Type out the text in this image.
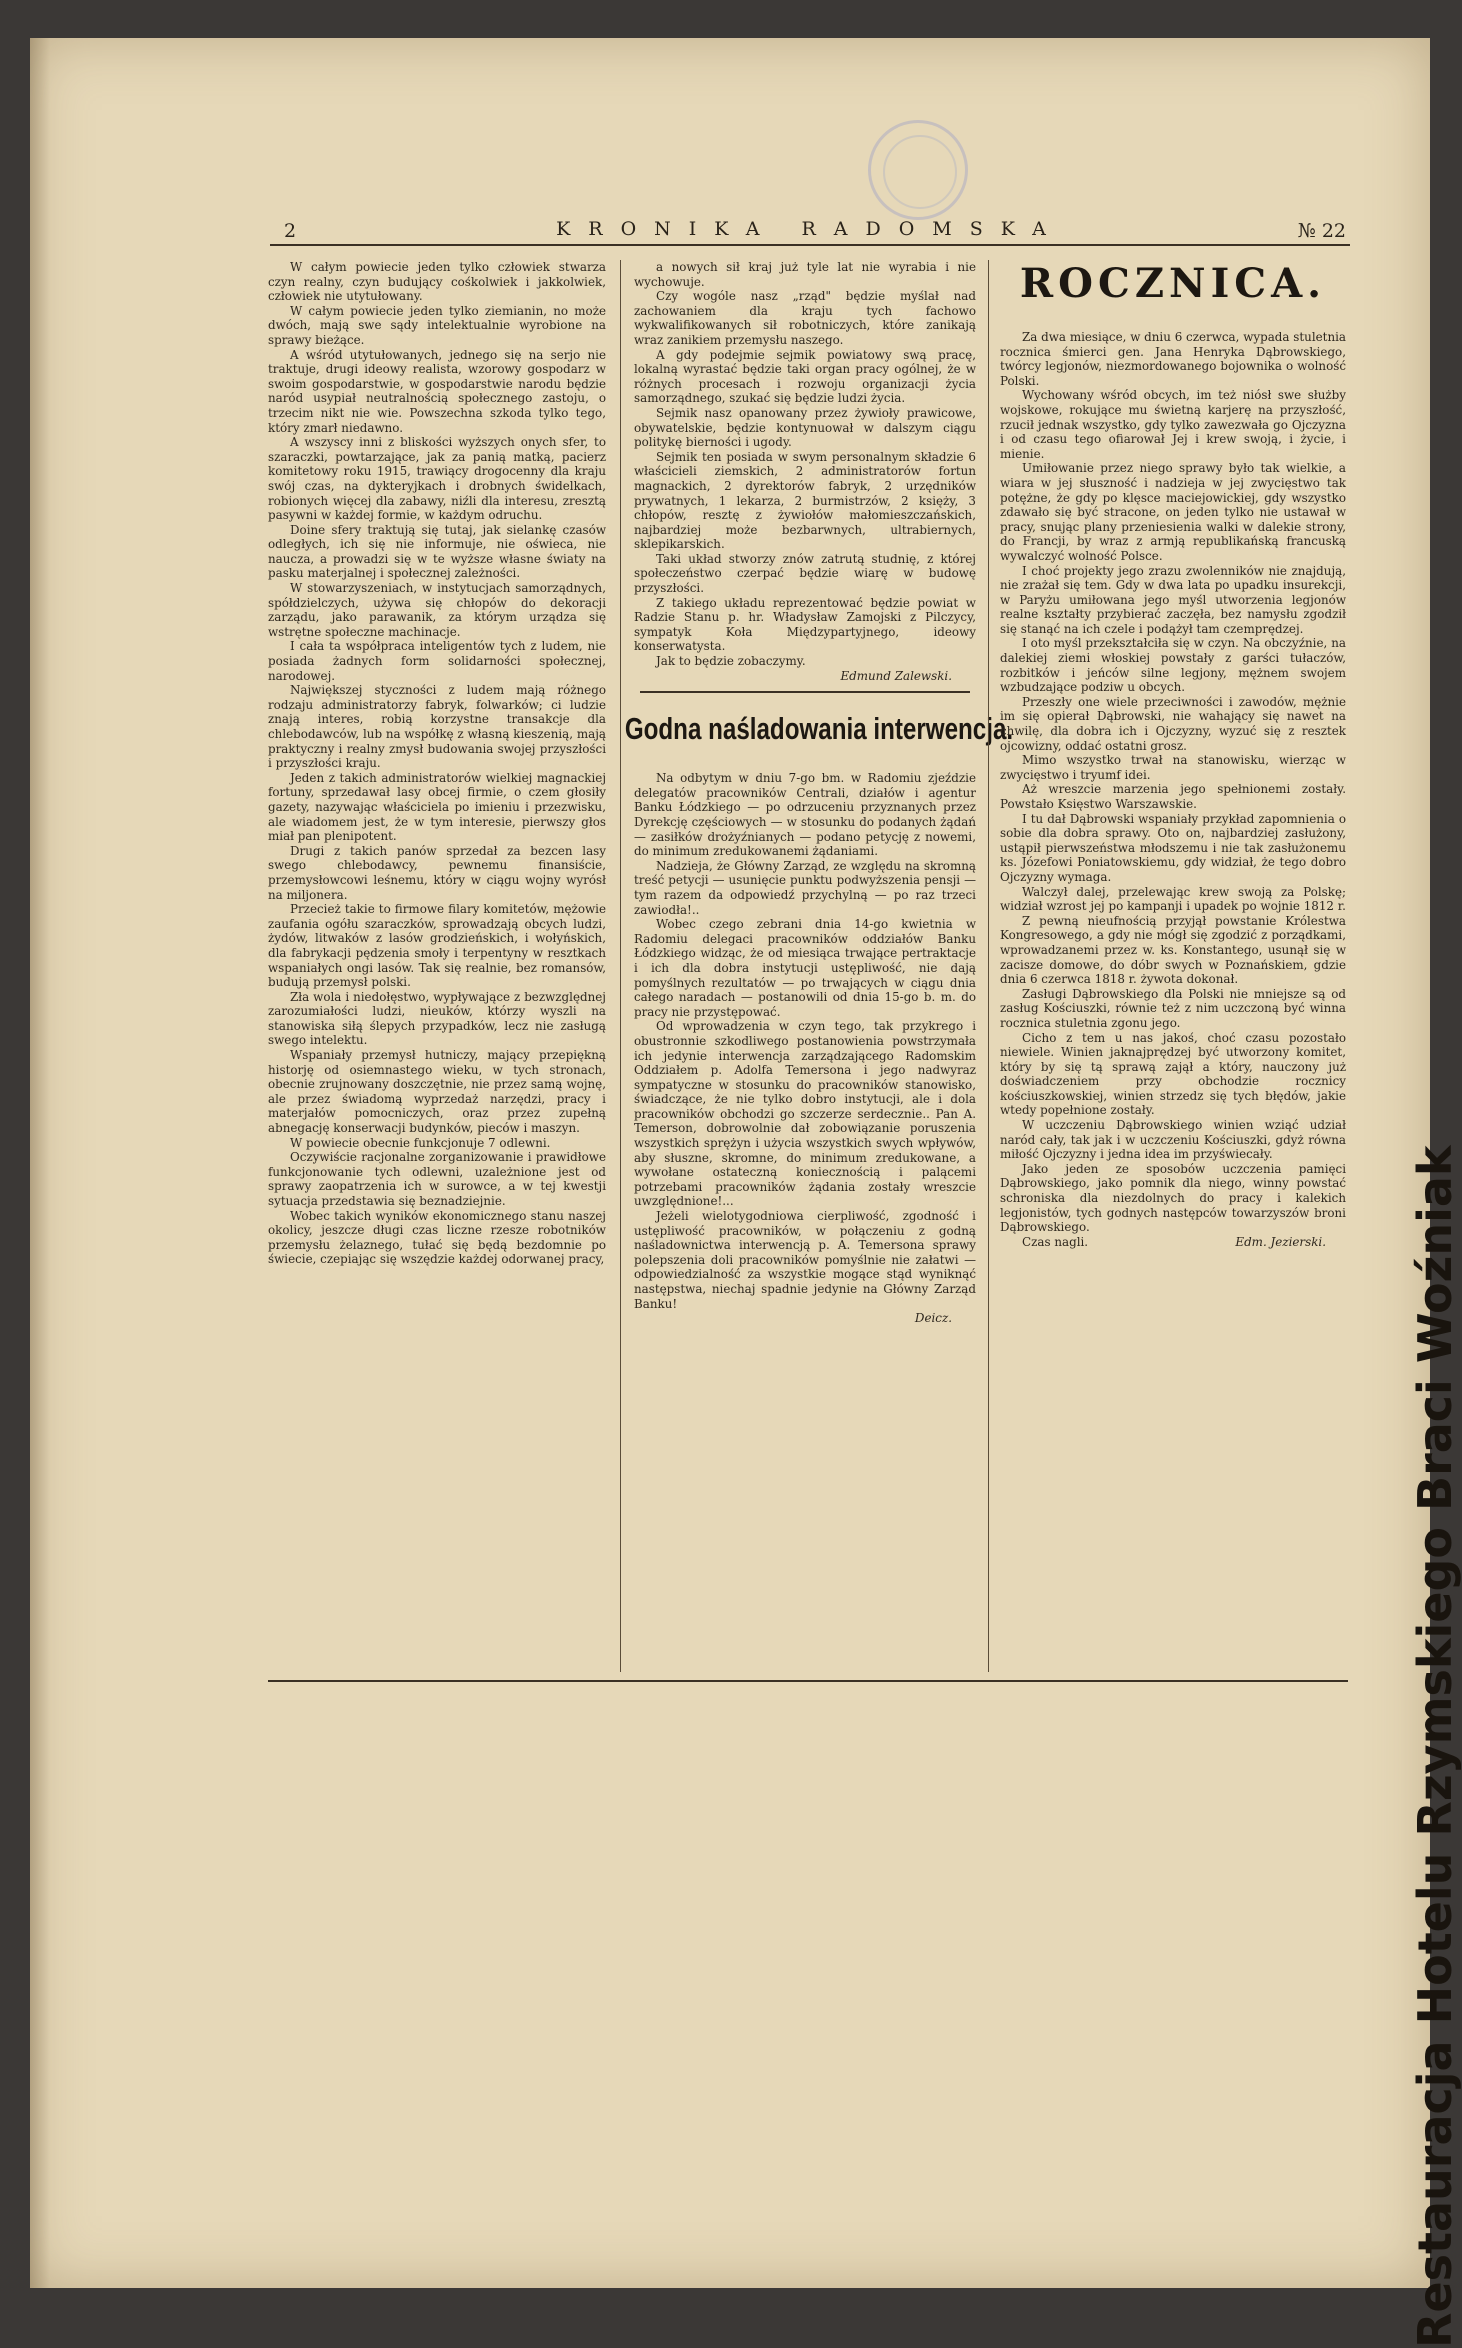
2	KRONIKA RADOMSKA	№ 22

W całym powiecie jeden tylko człowiek stwarza czyn realny, czyn budujący cośkolwiek i jakkolwiek, człowiek nie utytułowany.

W całym powiecie jeden tylko ziemianin, no może dwóch, mają swe sądy intelektualnie wyrobione na sprawy bieżące.

A wśród utytułowanych, jednego się na serjo nie traktuje, drugi ideowy realista, wzorowy gospodarz w swoim gospodarstwie, w gospodarstwie narodu będzie naród usypiał neutralnością społecznego zastoju, o trzecim nikt nie wie. Powszechna szkoda tylko tego, który zmarł niedawno.

A wszyscy inni z bliskości wyższych onych sfer, to szaraczki, powtarzające, jak za panią matką, pacierz komitetowy roku 1915, trawiący drogocenny dla kraju swój czas, na dykteryjkach i drobnych świdelkach, robionych więcej dla zabawy, niźli dla interesu, zresztą pasywni w każdej formie, w każdym odruchu.

Doine sfery traktują się tutaj, jak sielankę czasów odległych, ich się nie informuje, nie oświeca, nie naucza, a prowadzi się w te wyższe własne światy na pasku materjalnej i społecznej zależności.

W stowarzyszeniach, w instytucjach samorządnych, spółdzielczych, używa się chłopów do dekoracji zarządu, jako parawanik, za którym urządza się wstrętne społeczne machinacje.

I cała ta współpraca inteligentów tych z ludem, nie posiada żadnych form solidarności społecznej, narodowej.

Największej styczności z ludem mają różnego rodzaju administratorzy fabryk, folwarków; ci ludzie znają interes, robią korzystne transakcje dla chlebodawców, lub na współkę z własną kieszenią, mają praktyczny i realny zmysł budowania swojej przyszłości i przyszłości kraju.

Jeden z takich administratorów wielkiej magnackiej fortuny, sprzedawał lasy obcej firmie, o czem głosiły gazety, nazywając właściciela po imieniu i przezwisku, ale wiadomem jest, że w tym interesie, pierwszy głos miał pan plenipotent.

Drugi z takich panów sprzedał za bezcen lasy swego chlebodawcy, pewnemu finansiście, przemysłowcowi leśnemu, który w ciągu wojny wyrósł na miljonera.

Przecież takie to firmowe filary komitetów, mężowie zaufania ogółu szaraczków, sprowadzają obcych ludzi, żydów, litwaków z lasów grodzieńskich, i wołyńskich, dla fabrykacji pędzenia smoły i terpentyny w resztkach wspaniałych ongi lasów. Tak się realnie, bez romansów, budują przemysł polski.

Zła wola i niedołęstwo, wypływające z bezwzględnej zarozumiałości ludzi, nieuków, którzy wyszli na stanowiska siłą ślepych przypadków, lecz nie zasługą swego intelektu.

Wspaniały przemysł hutniczy, mający przepiękną historję od osiemnastego wieku, w tych stronach, obecnie zrujnowany doszczętnie, nie przez samą wojnę, ale przez świadomą wyprzedaż narzędzi, pracy i materjałów pomocniczych, oraz przez zupełną abnegację konserwacji budynków, pieców i maszyn.

W powiecie obecnie funkcjonuje 7 odlewni.

Oczywiście racjonalne zorganizowanie i prawidłowe funkcjonowanie tych odlewni, uzależnione jest od sprawy zaopatrzenia ich w surowce, a w tej kwestji sytuacja przedstawia się beznadziejnie.

Wobec takich wyników ekonomicznego stanu naszej okolicy, jeszcze długi czas liczne rzesze robotników przemysłu żelaznego, tułać się będą bezdomnie po świecie, czepiając się wszędzie każdej odorwanej pracy,

a nowych sił kraj już tyle lat nie wyrabia i nie wychowuje.

Czy wogóle nasz „rząd" będzie myślał nad zachowaniem dla kraju tych fachowo wykwalifikowanych sił robotniczych, które zanikają wraz zanikiem przemysłu naszego.

A gdy podejmie sejmik powiatowy swą pracę, lokalną wyrastać będzie taki organ pracy ogólnej, że w różnych procesach i rozwoju organizacji życia samorządnego, szukać się będzie ludzi życia.

Sejmik nasz opanowany przez żywioły prawicowe, obywatelskie, będzie kontynuował w dalszym ciągu politykę bierności i ugody.

Sejmik ten posiada w swym personalnym składzie 6 właścicieli ziemskich, 2 administratorów fortun magnackich, 2 dyrektorów fabryk, 2 urzędników prywatnych, 1 lekarza, 2 burmistrzów, 2 księży, 3 chłopów, resztę z żywiołów małomieszczańskich, najbardziej może bezbarwnych, ultrabiernych, sklepikarskich.

Taki układ stworzy znów zatrutą studnię, z której społeczeństwo czerpać będzie wiarę w budowę przyszłości.

Z takiego układu reprezentować będzie powiat w Radzie Stanu p. hr. Władysław Zamojski z Pilczycy, sympatyk Koła Międzypartyjnego, ideowy konserwatysta.

Jak to będzie zobaczymy.

Edmund Zalewski.

Godna naśladowania interwencja.

Na odbytym w dniu 7-go bm. w Radomiu zjeździe delegatów pracowników Centrali, działów i agentur Banku Łódzkiego — po odrzuceniu przyznanych przez Dyrekcję częściowych — w stosunku do podanych żądań — zasiłków drożyźnianych — podano petycję z nowemi, do minimum zredukowanemi żądaniami.

Nadzieja, że Główny Zarząd, ze względu na skromną treść petycji — usunięcie punktu podwyższenia pensji — tym razem da odpowiedź przychylną — po raz trzeci zawiodła!..

Wobec czego zebrani dnia 14-go kwietnia w Radomiu delegaci pracowników oddziałów Banku Łódzkiego widząc, że od miesiąca trwające pertraktacje i ich dla dobra instytucji ustępliwość, nie dają pomyślnych rezultatów — po trwających w ciągu dnia całego naradach — postanowili od dnia 15-go b. m. do pracy nie przystępować.

Od wprowadzenia w czyn tego, tak przykrego i obustronnie szkodliwego postanowienia powstrzymała ich jedynie interwencja zarządzającego Radomskim Oddziałem p. Adolfa Temersona i jego nadwyraz sympatyczne w stosunku do pracowników stanowisko, świadczące, że nie tylko dobro instytucji, ale i dola pracowników obchodzi go szczerze serdecznie.. Pan A. Temerson, dobrowolnie dał zobowiązanie poruszenia wszystkich sprężyn i użycia wszystkich swych wpływów, aby słuszne, skromne, do minimum zredukowane, a wywołane ostateczną koniecznością i palącemi potrzebami pracowników żądania zostały wreszcie uwzględnione!...

Jeżeli wielotygodniowa cierpliwość, zgodność i ustępliwość pracowników, w połączeniu z godną naśladownictwa interwencją p. A. Temersona sprawy polepszenia doli pracowników pomyślnie nie załatwi — odpowiedzialność za wszystkie mogące stąd wyniknąć następstwa, niechaj spadnie jedynie na Główny Zarząd Banku!

Deicz.

ROCZNICA.

Za dwa miesiące, w dniu 6 czerwca, wypada stuletnia rocznica śmierci gen. Jana Henryka Dąbrowskiego, twórcy legjonów, niezmordowanego bojownika o wolność Polski.

Wychowany wśród obcych, im też niósł swe służby wojskowe, rokujące mu świetną karjerę na przyszłość, rzucił jednak wszystko, gdy tylko zawezwała go Ojczyzna i od czasu tego ofiarował Jej i krew swoją, i życie, i mienie.

Umiłowanie przez niego sprawy było tak wielkie, a wiara w jej słuszność i nadzieja w jej zwycięstwo tak potężne, że gdy po klęsce maciejowickiej, gdy wszystko zdawało się być stracone, on jeden tylko nie ustawał w pracy, snując plany przeniesienia walki w dalekie strony, do Francji, by wraz z armją republikańską francuską wywalczyć wolność Polsce.

I choć projekty jego zrazu zwolenników nie znajdują, nie zrażał się tem. Gdy w dwa lata po upadku insurekcji, w Paryżu umiłowana jego myśl utworzenia legjonów realne kształty przybierać zaczęła, bez namysłu zgodził się stanąć na ich czele i podążył tam czemprędzej.

I oto myśl przekształciła się w czyn. Na obczyźnie, na dalekiej ziemi włoskiej powstały z garści tułaczów, rozbitków i jeńców silne legjony, mężnem swojem wzbudzające podziw u obcych.

Przeszły one wiele przeciwności i zawodów, mężnie im się opierał Dąbrowski, nie wahający się nawet na chwilę, dla dobra ich i Ojczyzny, wyzuć się z resztek ojcowizny, oddać ostatni grosz.

Mimo wszystko trwał na stanowisku, wierząc w zwycięstwo i tryumf idei.

Aż wreszcie marzenia jego spełnionemi zostały. Powstało Księstwo Warszawskie.

I tu dał Dąbrowski wspaniały przykład zapomnienia o sobie dla dobra sprawy. Oto on, najbardziej zasłużony, ustąpił pierwszeństwa młodszemu i nie tak zasłużonemu ks. Józefowi Poniatowskiemu, gdy widział, że tego dobro Ojczyzny wymaga.

Walczył dalej, przelewając krew swoją za Polskę; widział wzrost jej po kampanji i upadek po wojnie 1812 r.

Z pewną nieufnością przyjął powstanie Królestwa Kongresowego, a gdy nie mógł się zgodzić z porządkami, wprowadzanemi przez w. ks. Konstantego, usunął się w zacisze domowe, do dóbr swych w Poznańskiem, gdzie dnia 6 czerwca 1818 r. żywota dokonał.

Zasługi Dąbrowskiego dla Polski nie mniejsze są od zasług Kościuszki, równie też z nim uczczoną być winna rocznica stuletnia zgonu jego.

Cicho z tem u nas jakoś, choć czasu pozostało niewiele. Winien jaknajprędzej być utworzony komitet, który by się tą sprawą zajął a który, nauczony już doświadczeniem przy obchodzie rocznicy kościuszkowskiej, winien strzedz się tych błędów, jakie wtedy popełnione zostały.

W uczczeniu Dąbrowskiego winien wziąć udział naród cały, tak jak i w uczczeniu Kościuszki, gdyż równa miłość Ojczyzny i jedna idea im przyświecały.

Jako jeden ze sposobów uczczenia pamięci Dąbrowskiego, jako pomnik dla niego, winny powstać schroniska dla niezdolnych do pracy i kalekich legjonistów, tych godnych następców towarzyszów broni Dąbrowskiego.

Czas nagli.	Edm. Jezierski. Restauracja Hotelu Rzymskiego Braci Woźniak
